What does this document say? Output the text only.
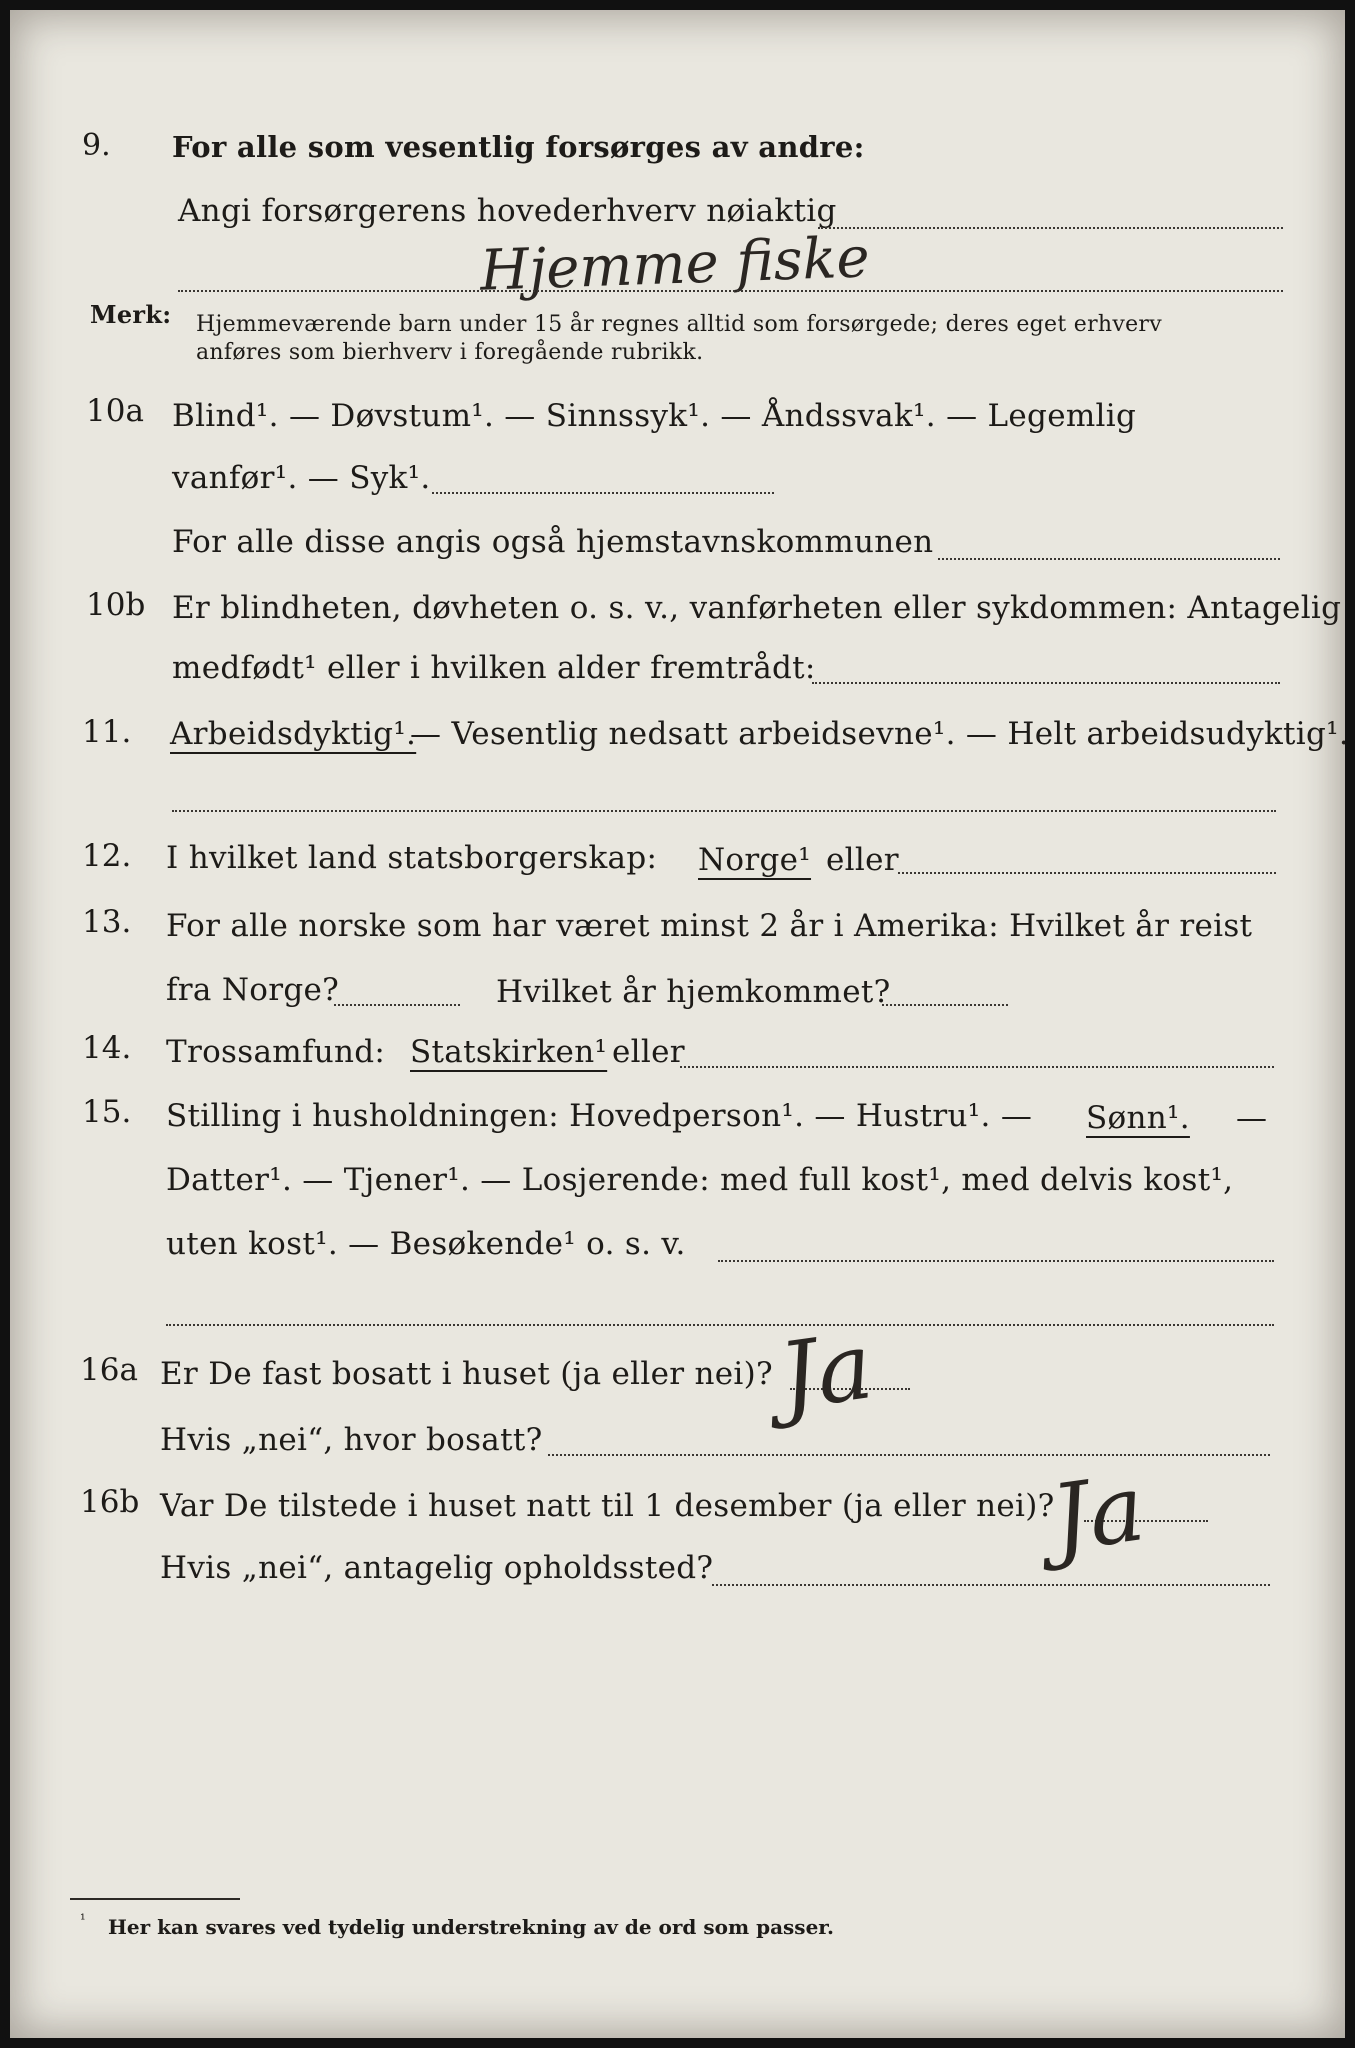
9. For alle som vesentlig forsørges av andre:
Angi forsørgerens hovederhverv nøiaktig
Hjemme fiske
Merk: Hjemmeværende barn under 15 år regnes alltid som forsørgede; deres eget erhverv
anføres som bierhverv i foregående rubrikk.
10a Blind¹. — Døvstum¹. — Sinnssyk¹. — Åndssvak¹. — Legemlig
vanfør¹. — Syk¹.
For alle disse angis også hjemstavnskommunen
10b Er blindheten, døvheten o. s. v., vanførheten eller sykdommen: Antagelig
medfødt¹ eller i hvilken alder fremtrådt:
11. Arbeidsdyktig¹.
— Vesentlig nedsatt arbeidsevne¹. — Helt arbeidsudyktig¹.
12. I hvilket land statsborgerskap: Norge¹ eller
13. For alle norske som har været minst 2 år i Amerika: Hvilket år reist
fra Norge?	Hvilket år hjemkommet?
14. Trossamfund: Statskirken¹ eller
15. Stilling i husholdningen: Hovedperson¹. — Hustru¹. — Sønn¹. —
Datter¹. — Tjener¹. — Losjerende: med full kost¹, med delvis kost¹,
uten kost¹. — Besøkende¹ o. s. v.
16a Er De fast bosatt i huset (ja eller nei)? Ja
Hvis „nei“, hvor bosatt?
16b Var De tilstede i huset natt til 1 desember (ja eller nei)?
Ja
Hvis „nei“, antagelig opholdssted?
¹ Her kan svares ved tydelig understrekning av de ord som passer.
